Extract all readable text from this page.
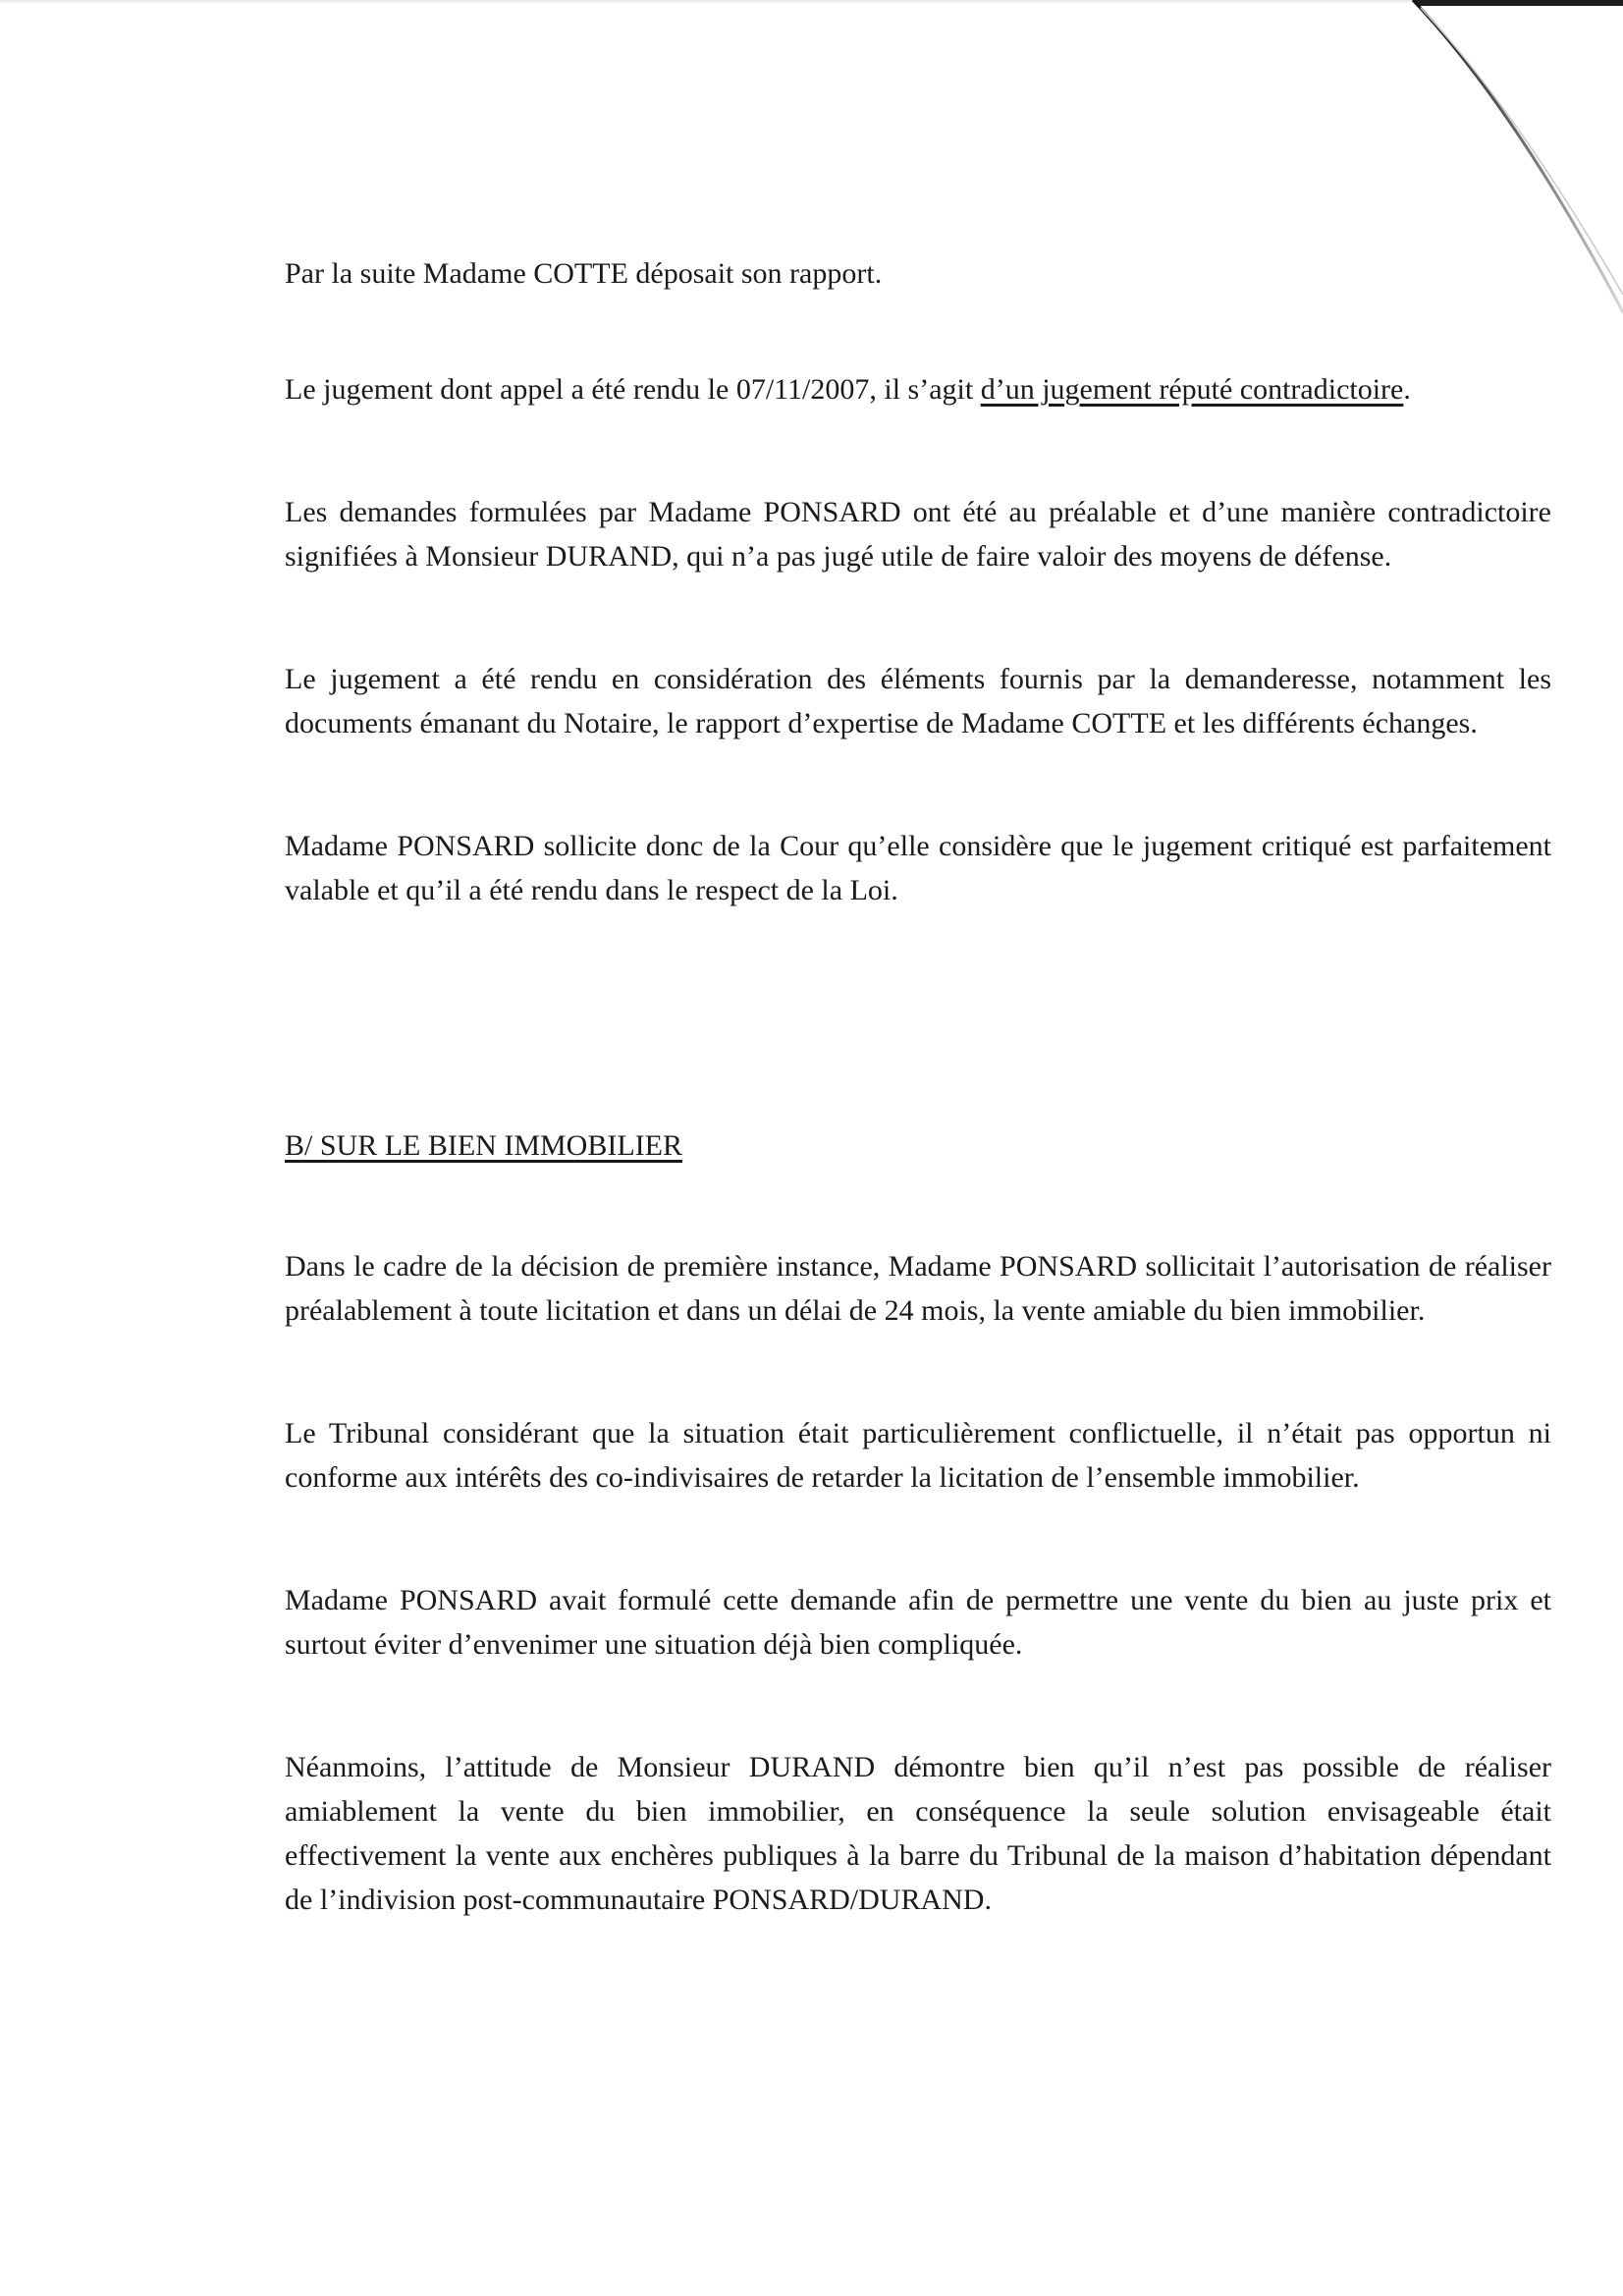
Par la suite Madame COTTE déposait son rapport.

Le jugement dont appel a été rendu le 07/11/2007, il s’agit d’un jugement réputé contradictoire.

Les demandes formulées par Madame PONSARD ont été au préalable et d’une manière contradictoire signifiées à Monsieur DURAND, qui n’a pas jugé utile de faire valoir des moyens de défense.

Le jugement a été rendu en considération des éléments fournis par la demanderesse, notamment les documents émanant du Notaire, le rapport d’expertise de Madame COTTE et les différents échanges.

Madame PONSARD sollicite donc de la Cour qu’elle considère que le jugement critiqué est parfaitement valable et qu’il a été rendu dans le respect de la Loi.

B/ SUR LE BIEN IMMOBILIER

Dans le cadre de la décision de première instance, Madame PONSARD sollicitait l’autorisation de réaliser préalablement à toute licitation et dans un délai de 24 mois, la vente amiable du bien immobilier.

Le Tribunal considérant que la situation était particulièrement conflictuelle, il n’était pas opportun ni conforme aux intérêts des co-indivisaires de retarder la licitation de l’ensemble immobilier.

Madame PONSARD avait formulé cette demande afin de permettre une vente du bien au juste prix et surtout éviter d’envenimer une situation déjà bien compliquée.

Néanmoins, l’attitude de Monsieur DURAND démontre bien qu’il n’est pas possible de réaliser amiablement la vente du bien immobilier, en conséquence la seule solution envisageable était effectivement la vente aux enchères publiques à la barre du Tribunal de la maison d’habitation dépendant de l’indivision post-communautaire PONSARD/DURAND.
